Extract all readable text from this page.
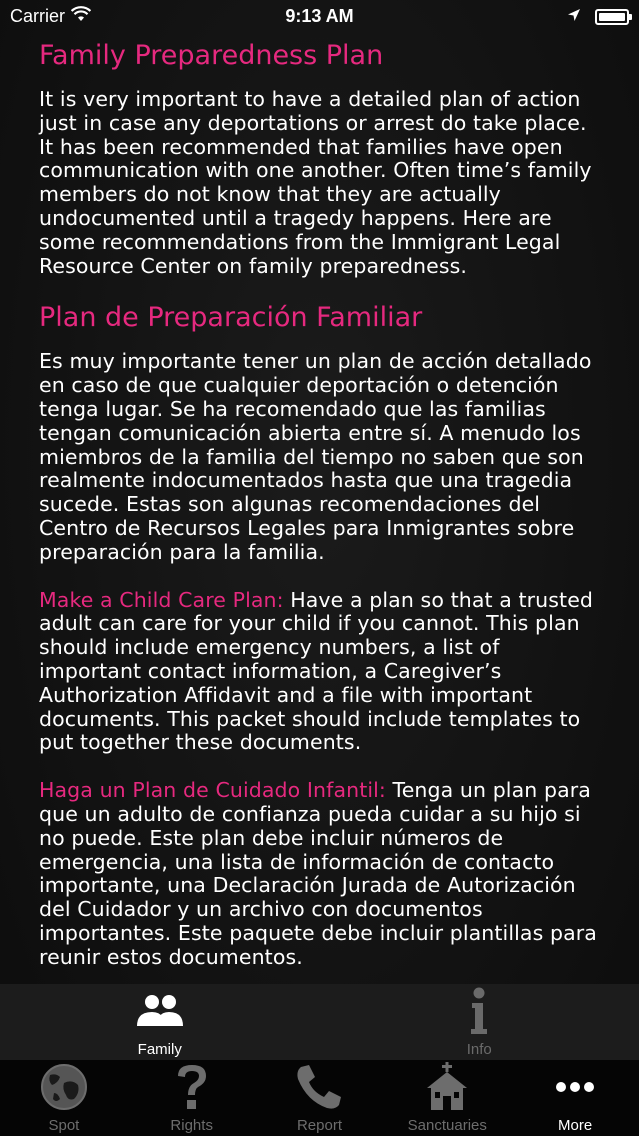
Carrier	9:13 AM
Family Preparedness Plan

It is very important to have a detailed plan of action just in case any deportations or arrest do take place. It has been recommended that families have open communication with one another. Often time’s family members do not know that they are actually undocumented until a tragedy happens. Here are some recommendations from the Immigrant Legal Resource Center on family preparedness.

Plan de Preparación Familiar

Es muy importante tener un plan de acción detallado en caso de que cualquier deportación o detención tenga lugar. Se ha recomendado que las familias tengan comunicación abierta entre sí. A menudo los miembros de la familia del tiempo no saben que son realmente indocumentados hasta que una tragedia sucede. Estas son algunas recomendaciones del Centro de Recursos Legales para Inmigrantes sobre preparación para la familia.

Make a Child Care Plan: Have a plan so that a trusted adult can care for your child if you cannot. This plan should include emergency numbers, a list of important contact information, a Caregiver’s Authorization Affidavit and a file with important documents. This packet should include templates to put together these documents.

Haga un Plan de Cuidado Infantil: Tenga un plan para que un adulto de confianza pueda cuidar a su hijo si no puede. Este plan debe incluir números de emergencia, una lista de información de contacto importante, una Declaración Jurada de Autorización del Cuidador y un archivo con documentos importantes. Este paquete debe incluir plantillas para reunir estos documentos.

Family	Info
Spot	Rights	Report	Sanctuaries	More
